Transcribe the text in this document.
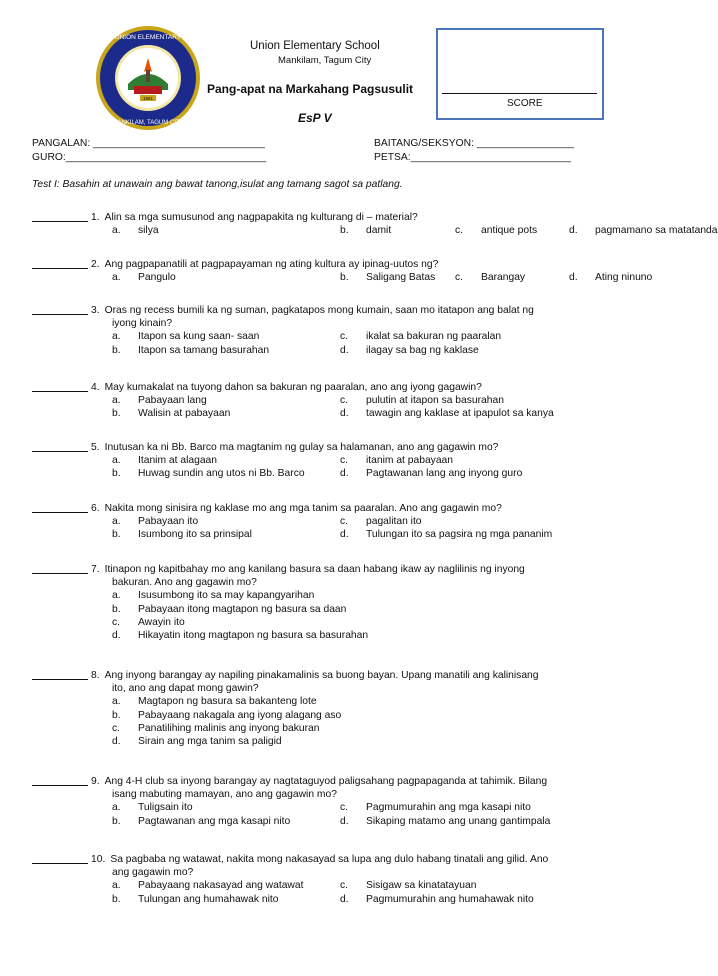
UNION ELEMENTARY
MANKILAM, TAGUM CITY
1961
Union Elementary School
Mankilam, Tagum City
Pang-apat na Markahang Pagsusulit
EsP V
SCORE
PANGALAN: ______________________________
GURO:___________________________________
BAITANG/SEKSYON: _________________
PETSA:____________________________
Test I: Basahin at unawain ang bawat tanong,isulat ang tamang sagot sa patlang.
1. Alin sa mga sumusunod ang nagpapakita ng kulturang di – material?
a.	silya	b.	damit	c.	antique pots	d.	pagmamano sa matatanda
2. Ang pagpapanatili at pagpapayaman ng ating kultura ay ipinag-uutos ng?
a.	Pangulo	b.	Saligang Batas c.	Barangay	d.	Ating ninuno
3. Oras ng recess bumili ka ng suman, pagkatapos mong kumain, saan mo itatapon ang balat ng
iyong kinain?
a.	Itapon sa kung saan- saan	c.	ikalat sa bakuran ng paaralan
b.	Itapon sa tamang basurahan	d.	ilagay sa bag ng kaklase
4. May kumakalat na tuyong dahon sa bakuran ng paaralan, ano ang iyong gagawin?
a.	Pabayaan lang	c.	pulutin at itapon sa basurahan
b.	Walisin at pabayaan	d.	tawagin ang kaklase at ipapulot sa kanya
5. Inutusan ka ni Bb. Barco ma magtanim ng gulay sa halamanan, ano ang gagawin mo?
a.	Itanim at alagaan	c.	itanim at pabayaan
b.	Huwag sundin ang utos ni Bb. Barco	d.	Pagtawanan lang ang inyong guro
6. Nakita mong sinisira ng kaklase mo ang mga tanim sa paaralan. Ano ang gagawin mo?
a.	Pabayaan ito	c.	pagalitan ito
b.	Isumbong ito sa prinsipal	d.	Tulungan ito sa pagsira ng mga pananim
7. Itinapon ng kapitbahay mo ang kanilang basura sa daan habang ikaw ay naglilinis ng inyong
bakuran. Ano ang gagawin mo?
a.	Isusumbong ito sa may kapangyarihan
b.	Pabayaan itong magtapon ng basura sa daan
c.	Awayin ito
d.	Hikayatin itong magtapon ng basura sa basurahan
8. Ang inyong barangay ay napiling pinakamalinis sa buong bayan. Upang manatili ang kalinisang
ito, ano ang dapat mong gawin?
a.	Magtapon ng basura sa bakanteng lote
b.	Pabayaang nakagala ang iyong alagang aso
c.	Panatilihing malinis ang inyong bakuran
d.	Sirain ang mga tanim sa paligid
9. Ang 4-H club sa inyong barangay ay nagtataguyod paligsahang pagpapaganda at tahimik. Bilang
isang mabuting mamayan, ano ang gagawin mo?
a.	Tuligsain ito	c.	Pagmumurahin ang mga kasapi nito
b.	Pagtawanan ang mga kasapi nito	d.	Sikaping matamo ang unang gantimpala
10. Sa pagbaba ng watawat, nakita mong nakasayad sa lupa ang dulo habang tinatali ang gilid. Ano
ang gagawin mo?
a.	Pabayaang nakasayad ang watawat	c.	Sisigaw sa kinatatayuan
b.	Tulungan ang humahawak nito	d.	Pagmumurahin ang humahawak nito
